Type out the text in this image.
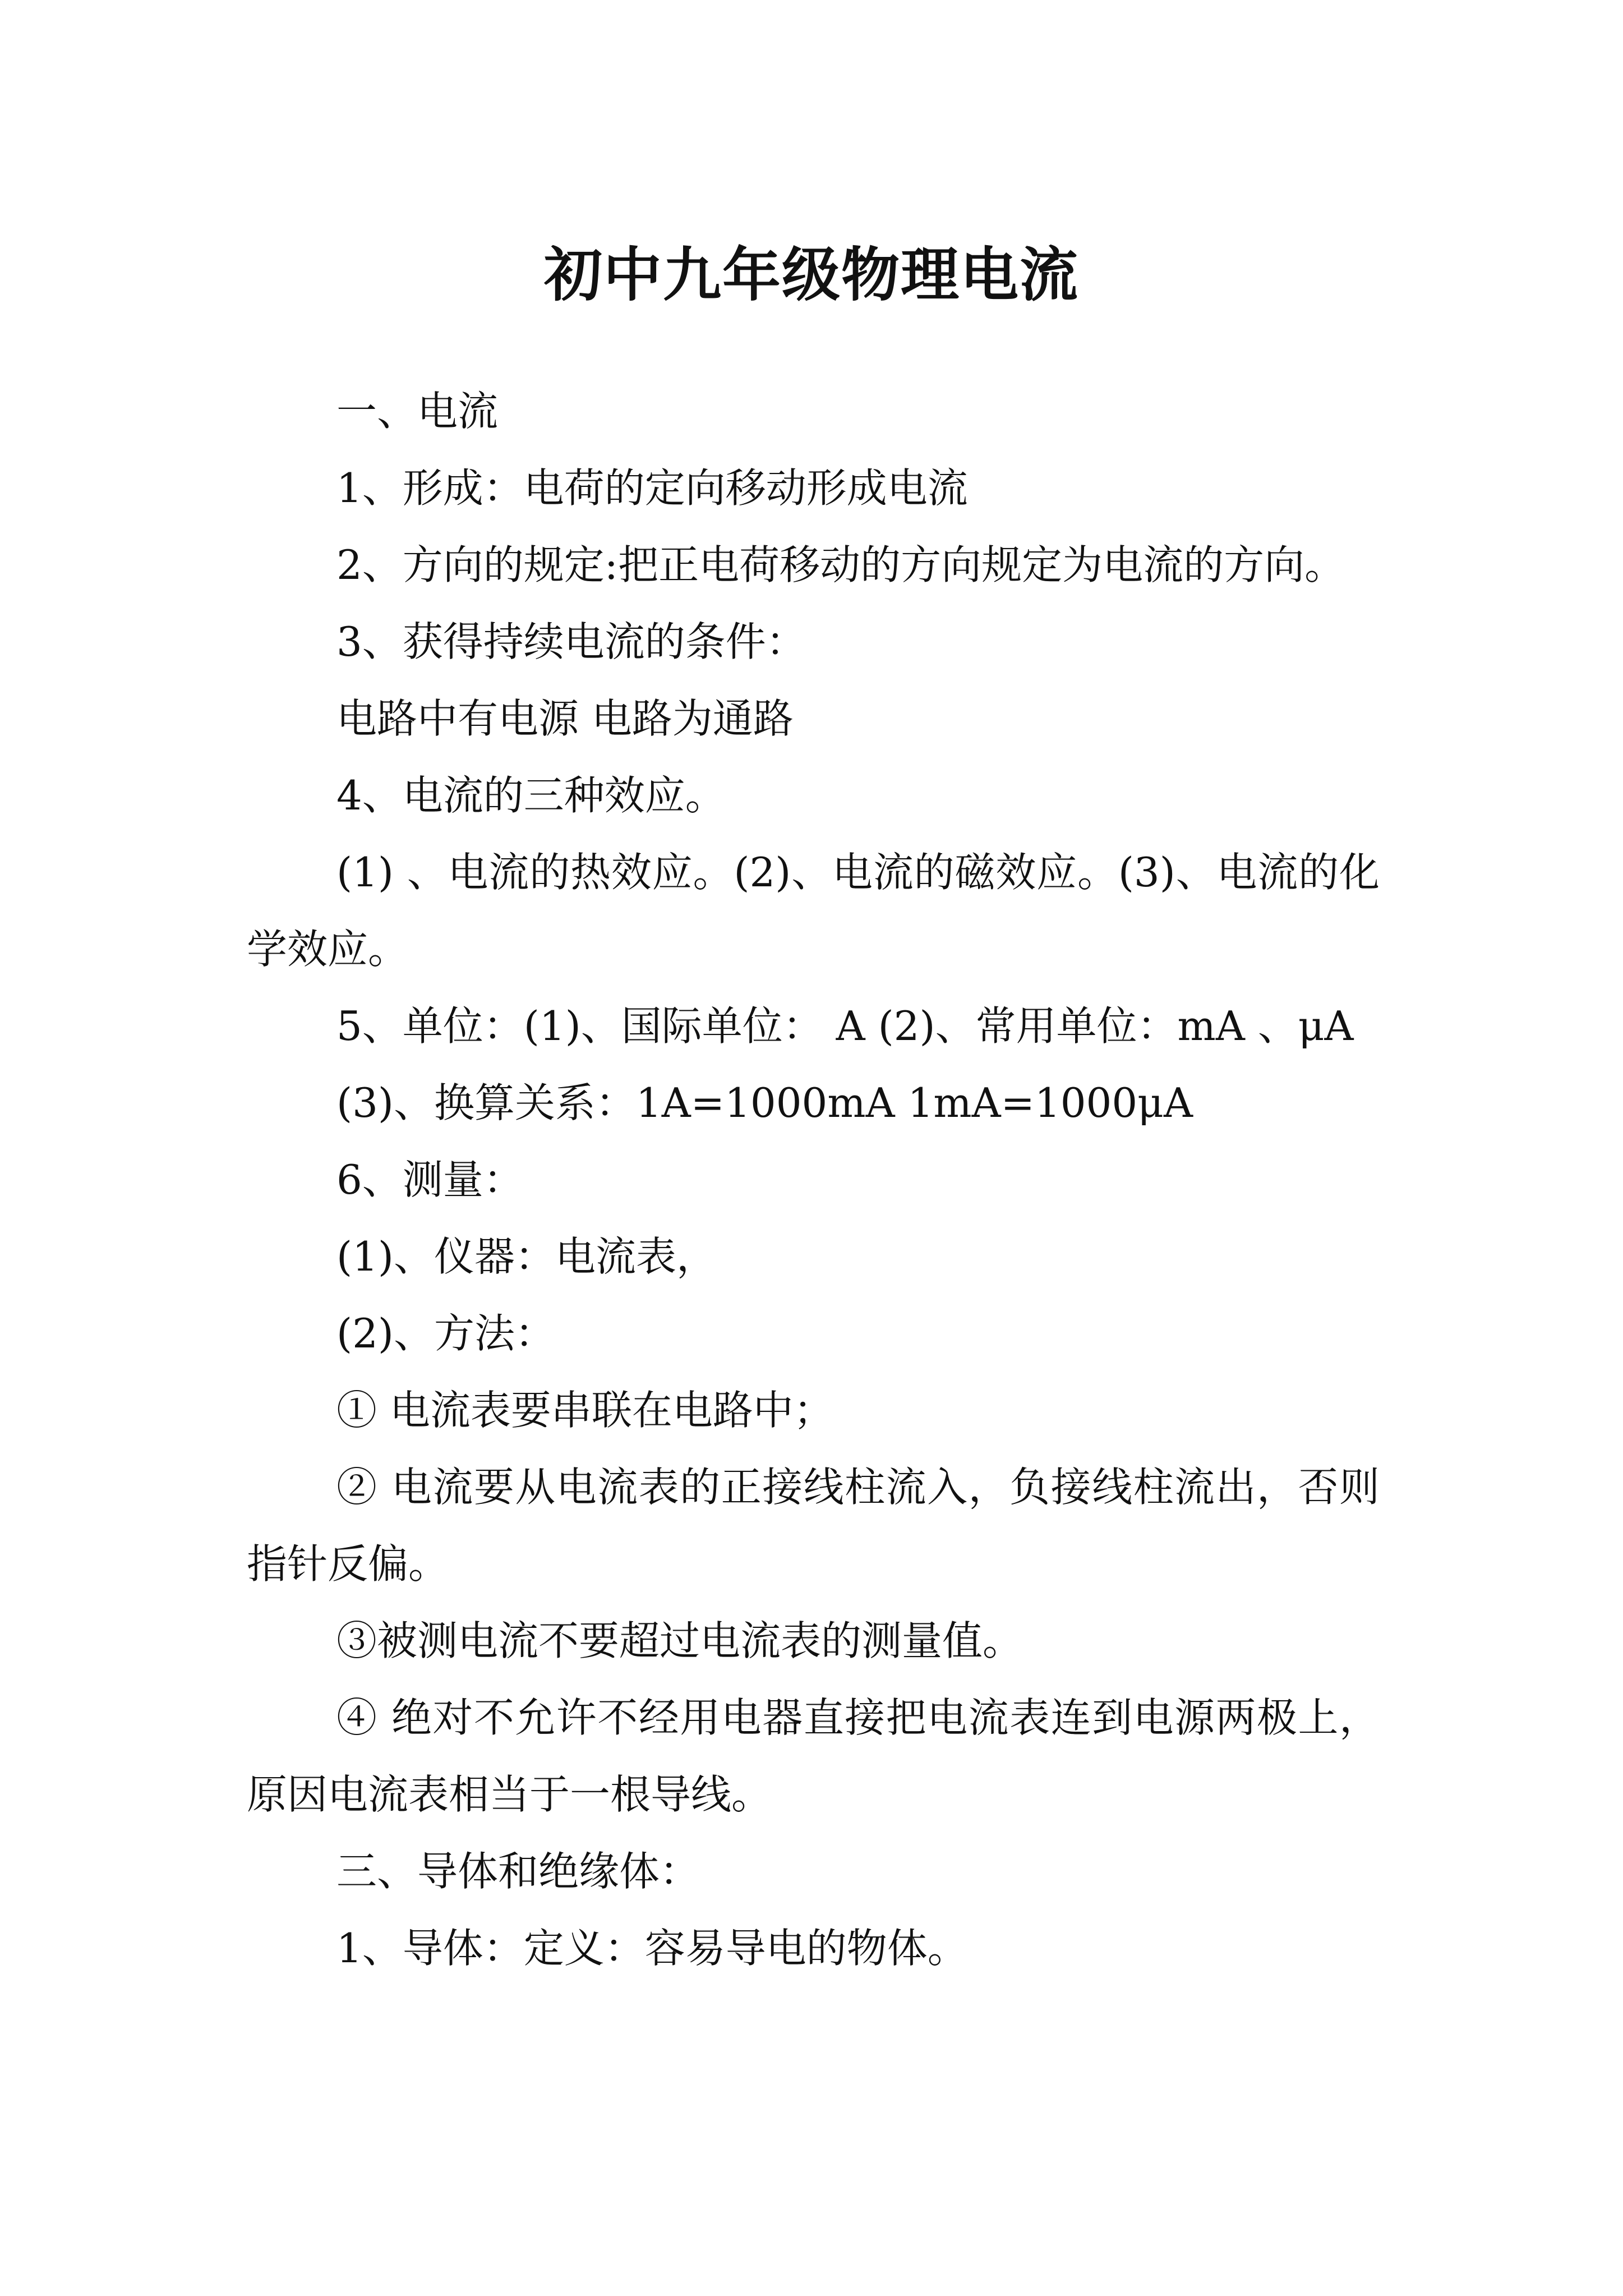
初中九年级物理电流

一、电流

1、形成：电荷的定向移动形成电流

2、方向的规定:把正电荷移动的方向规定为电流的方向。

3、获得持续电流的条件：

电路中有电源 电路为通路

4、电流的三种效应。

(1) 、电流的热效应。(2)、电流的磁效应。(3)、电流的化学效应。

5、单位：(1)、国际单位： A (2)、常用单位：mA 、μA

(3)、换算关系：1A=1000mA 1mA=1000μA

6、测量：

(1)、仪器：电流表，

(2)、方法：

① 电流表要串联在电路中；

② 电流要从电流表的正接线柱流入，负接线柱流出，否则指针反偏。

③被测电流不要超过电流表的测量值。

④ 绝对不允许不经用电器直接把电流表连到电源两极上，原因电流表相当于一根导线。

三、导体和绝缘体：

1、导体：定义：容易导电的物体。
